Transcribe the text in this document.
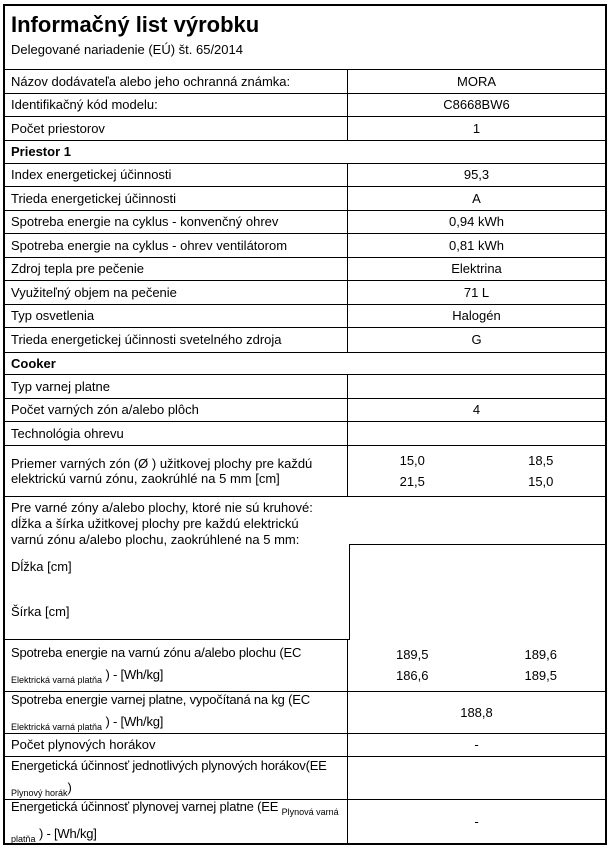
Informačný list výrobku
Delegované nariadenie (EÚ) št. 65/2014
Názov dodávateľa alebo jeho ochranná známka:	MORA
Identifikačný kód modelu:	C8668BW6
Počet priestorov	1
Priestor 1
Index energetickej účinnosti	95,3
Trieda energetickej účinnosti	A
Spotreba energie na cyklus - konvenčný ohrev	0,94 kWh
Spotreba energie na cyklus - ohrev ventilátorom	0,81 kWh
Zdroj tepla pre pečenie	Elektrina
Využiteľný objem na pečenie	71 L
Typ osvetlenia	Halogén
Trieda energetickej účinnosti svetelného zdroja	G
Cooker
Typ varnej platne
Počet varných zón a/alebo plôch	4
Technológia ohrevu
Priemer varných zón (Ø ) užitkovej plochy pre každú elektrickú varnú zónu, zaokrúhlé na 5 mm [cm]
15,0	18,5
21,5	15,0
Pre varné zóny a/alebo plochy, ktoré nie sú kruhové: dĺžka a šírka užitkovej plochy pre každú elektrickú varnú zónu a/alebo plochu, zaokrúhlené na 5 mm:
Dĺžka [cm]
Šírka [cm]
Spotreba energie na varnú zónu a/alebo plochu (EC $_{Elektrická varná platňa}$ ) - [Wh/kg]
189,5	189,6
186,6	189,5
Spotreba energie varnej platne, vypočítaná na kg (EC $_{Elektrická varná platňa}$ ) - [Wh/kg]
188,8
Počet plynových horákov	-
Energetická účinnosť jednotlivých plynových horákov(EE $_{Plynový horák}$)
Energetická účinnosť plynovej varnej platne (EE $_{Plynová varná platňa}$ ) - [Wh/kg]
-
